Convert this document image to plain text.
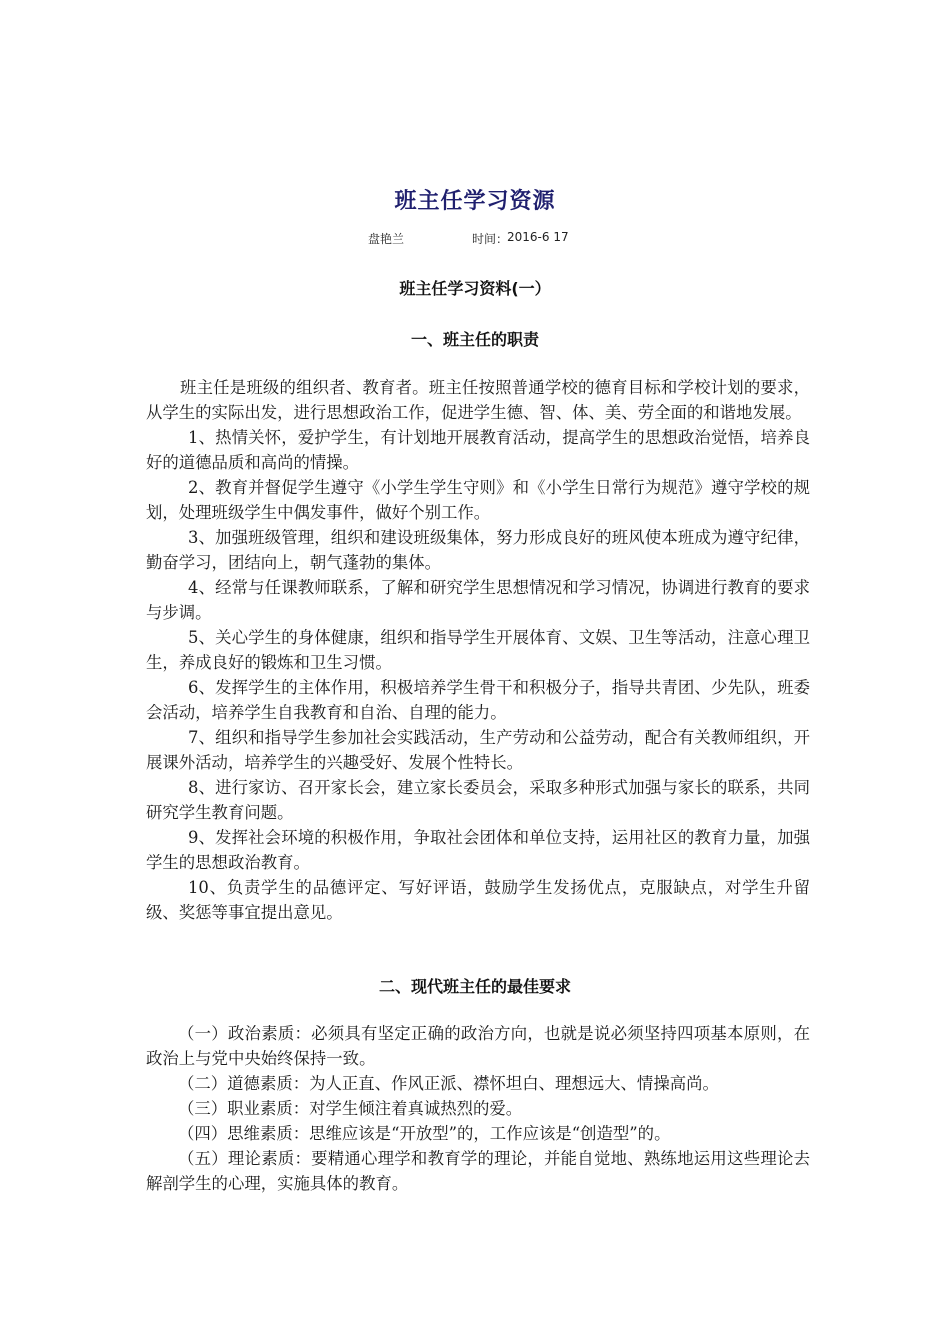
班主任学习资源
盘艳兰	时间：
2016-6 17
班主任学习资料(一）
一、班主任的职责

班主任是班级的组织者、教育者。班主任按照普通学校的德育目标和学校计划的要求，从学生的实际出发，进行思想政治工作，促进学生德、智、体、美、劳全面的和谐地发展。

1、热情关怀，爱护学生，有计划地开展教育活动，提高学生的思想政治觉悟，培养良好的道德品质和高尚的情操。

2、教育并督促学生遵守《小学生学生守则》和《小学生日常行为规范》遵守学校的规划，处理班级学生中偶发事件，做好个别工作。

3、加强班级管理，组织和建设班级集体，努力形成良好的班风使本班成为遵守纪律，勤奋学习，团结向上，朝气蓬勃的集体。

4、经常与任课教师联系，了解和研究学生思想情况和学习情况，协调进行教育的要求与步调。

5、关心学生的身体健康，组织和指导学生开展体育、文娱、卫生等活动，注意心理卫生，养成良好的锻炼和卫生习惯。

6、发挥学生的主体作用，积极培养学生骨干和积极分子，指导共青团、少先队，班委会活动，培养学生自我教育和自治、自理的能力。

7、组织和指导学生参加社会实践活动，生产劳动和公益劳动，配合有关教师组织，开展课外活动，培养学生的兴趣受好、发展个性特长。

8、进行家访、召开家长会，建立家长委员会，采取多种形式加强与家长的联系，共同研究学生教育问题。

9、发挥社会环境的积极作用，争取社会团体和单位支持，运用社区的教育力量，加强学生的思想政治教育。

10、负责学生的品德评定、写好评语，鼓励学生发扬优点，克服缺点，对学生升留级、奖惩等事宜提出意见。

二、现代班主任的最佳要求

（一）政治素质：必须具有坚定正确的政治方向，也就是说必须坚持四项基本原则，在政治上与党中央始终保持一致。

（二）道德素质：为人正直、作风正派、襟怀坦白、理想远大、情操高尚。

（三）职业素质：对学生倾注着真诚热烈的爱。

（四）思维素质：思维应该是“开放型”的，工作应该是“创造型”的。

（五）理论素质：要精通心理学和教育学的理论，并能自觉地、熟练地运用这些理论去解剖学生的心理，实施具体的教育。
